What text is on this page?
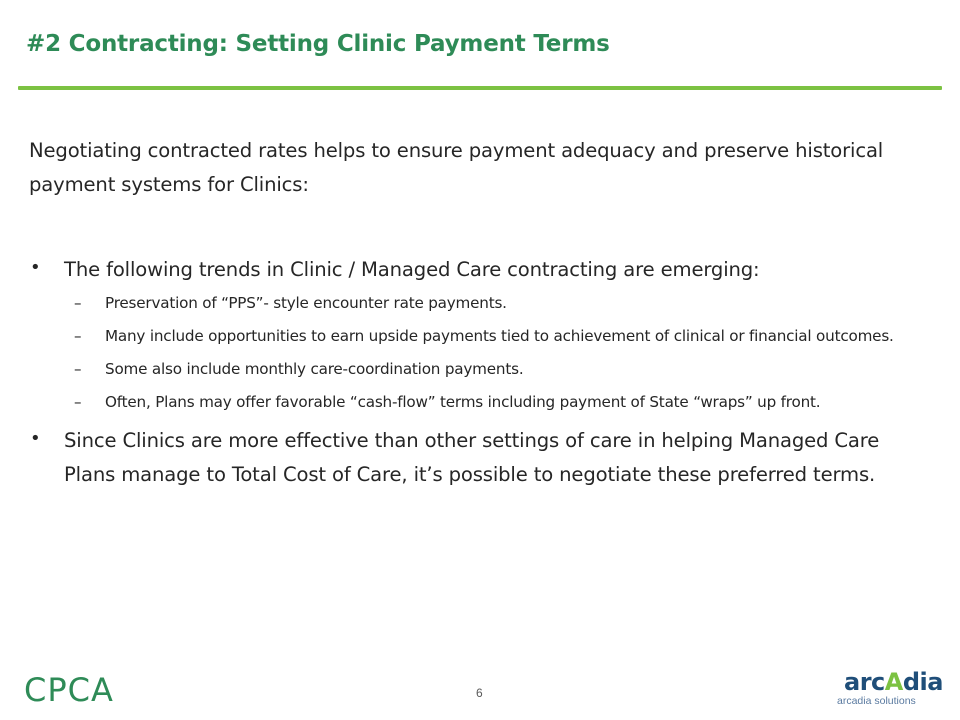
#2 Contracting: Setting Clinic Payment Terms

Negotiating contracted rates helps to ensure payment adequacy and preserve historical payment systems for Clinics:

• The following trends in Clinic / Managed Care contracting are emerging:
– Preservation of “PPS”- style encounter rate payments.
– Many include opportunities to earn upside payments tied to achievement of clinical or financial outcomes.
– Some also include monthly care-coordination payments.
– Often, Plans may offer favorable “cash-flow” terms including payment of State “wraps” up front.
• Since Clinics are more effective than other settings of care in helping Managed Care Plans manage to Total Cost of Care, it’s possible to negotiate these preferred terms.
CPCA	6	arcAdia
arcadia solutions
